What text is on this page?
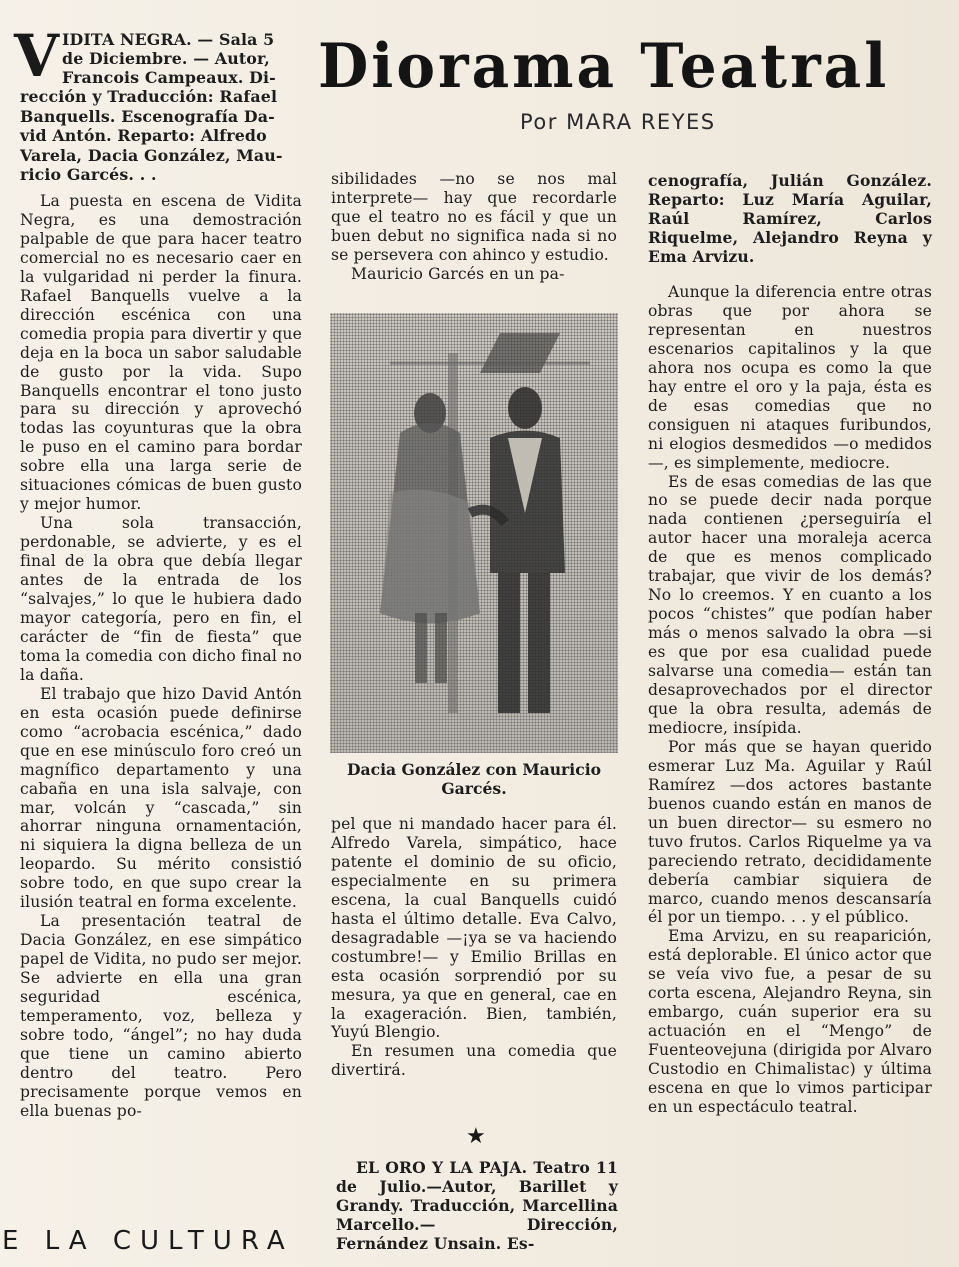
V IDITA NEGRA. — Sala 5
de Diciembre. — Autor,
Francois Campeaux. Di-
rección y Traducción: Rafael
Banquells. Escenografía Da-
vid Antón. Reparto: Alfredo
Varela, Dacia González, Mau-
ricio Garcés. . .

La puesta en escena de Vidita Negra, es una demostración palpable de que para hacer teatro comercial no es necesario caer en la vulgaridad ni perder la finura. Rafael Banquells vuelve a la dirección escénica con una comedia propia para divertir y que deja en la boca un sabor saludable de gusto por la vida. Supo Banquells encontrar el tono justo para su dirección y aprovechó todas las coyunturas que la obra le puso en el camino para bordar sobre ella una larga serie de situaciones cómicas de buen gusto y mejor humor.

Una sola transacción, perdonable, se advierte, y es el final de la obra que debía llegar antes de la entrada de los “salvajes,” lo que le hubiera dado mayor categoría, pero en fin, el carácter de “fin de fiesta” que toma la comedia con dicho final no la daña.

El trabajo que hizo David Antón en esta ocasión puede definirse como “acrobacia escénica,” dado que en ese minúsculo foro creó un magnífico departamento y una cabaña en una isla salvaje, con mar, volcán y “cascada,” sin ahorrar ninguna ornamentación, ni siquiera la digna belleza de un leopardo. Su mérito consistió sobre todo, en que supo crear la ilusión teatral en forma excelente.

La presentación teatral de Dacia González, en ese simpático papel de Vidita, no pudo ser mejor. Se advierte en ella una gran seguridad escénica, temperamento, voz, belleza y sobre todo, “ángel”; no hay duda que tiene un camino abierto dentro del teatro. Pero precisamente porque vemos en ella buenas po-

Diorama Teatral
Por MARA REYES

sibilidades —no se nos mal interprete— hay que recordarle que el teatro no es fácil y que un buen debut no significa nada si no se persevera con ahinco y estudio.

Mauricio Garcés en un pa-

Dacia González con Mauricio Garcés.

pel que ni mandado hacer para él. Alfredo Varela, simpático, hace patente el dominio de su oficio, especialmente en su primera escena, la cual Banquells cuidó hasta el último detalle. Eva Calvo, desagradable —¡ya se va haciendo costumbre!— y Emilio Brillas en esta ocasión sorprendió por su mesura, ya que en general, cae en la exageración. Bien, también, Yuyú Blengio.

En resumen una comedia que divertirá.

★

EL ORO Y LA PAJA. Teatro 11 de Julio.—Autor, Barillet y Grandy. Traducción, Marcellina Marcello.— Dirección, Fernández Unsain. Es-

cenografía, Julián González. Reparto: Luz María Aguilar, Raúl Ramírez, Carlos Riquelme, Alejandro Reyna y Ema Arvizu.

Aunque la diferencia entre otras obras que por ahora se representan en nuestros escenarios capitalinos y la que ahora nos ocupa es como la que hay entre el oro y la paja, ésta es de esas comedias que no consiguen ni ataques furibundos, ni elogios desmedidos —o medidos—, es simplemente, mediocre.

Es de esas comedias de las que no se puede decir nada porque nada contienen ¿perseguiría el autor hacer una moraleja acerca de que es menos complicado trabajar, que vivir de los demás? No lo creemos. Y en cuanto a los pocos “chistes” que podían haber más o menos salvado la obra —si es que por esa cualidad puede salvarse una comedia— están tan desaprovechados por el director que la obra resulta, además de mediocre, insípida.

Por más que se hayan querido esmerar Luz Ma. Aguilar y Raúl Ramírez —dos actores bastante buenos cuando están en manos de un buen director— su esmero no tuvo frutos. Carlos Riquelme ya va pareciendo retrato, decididamente debería cambiar siquiera de marco, cuando menos descansaría él por un tiempo. . . y el público.

Ema Arvizu, en su reaparición, está deplorable. El único actor que se veía vivo fue, a pesar de su corta escena, Alejandro Reyna, sin embargo, cuán superior era su actuación en el “Mengo” de Fuenteovejuna (dirigida por Alvaro Custodio en Chimalistac) y última escena en que lo vimos participar en un espectáculo teatral.

E LA CULTURA
